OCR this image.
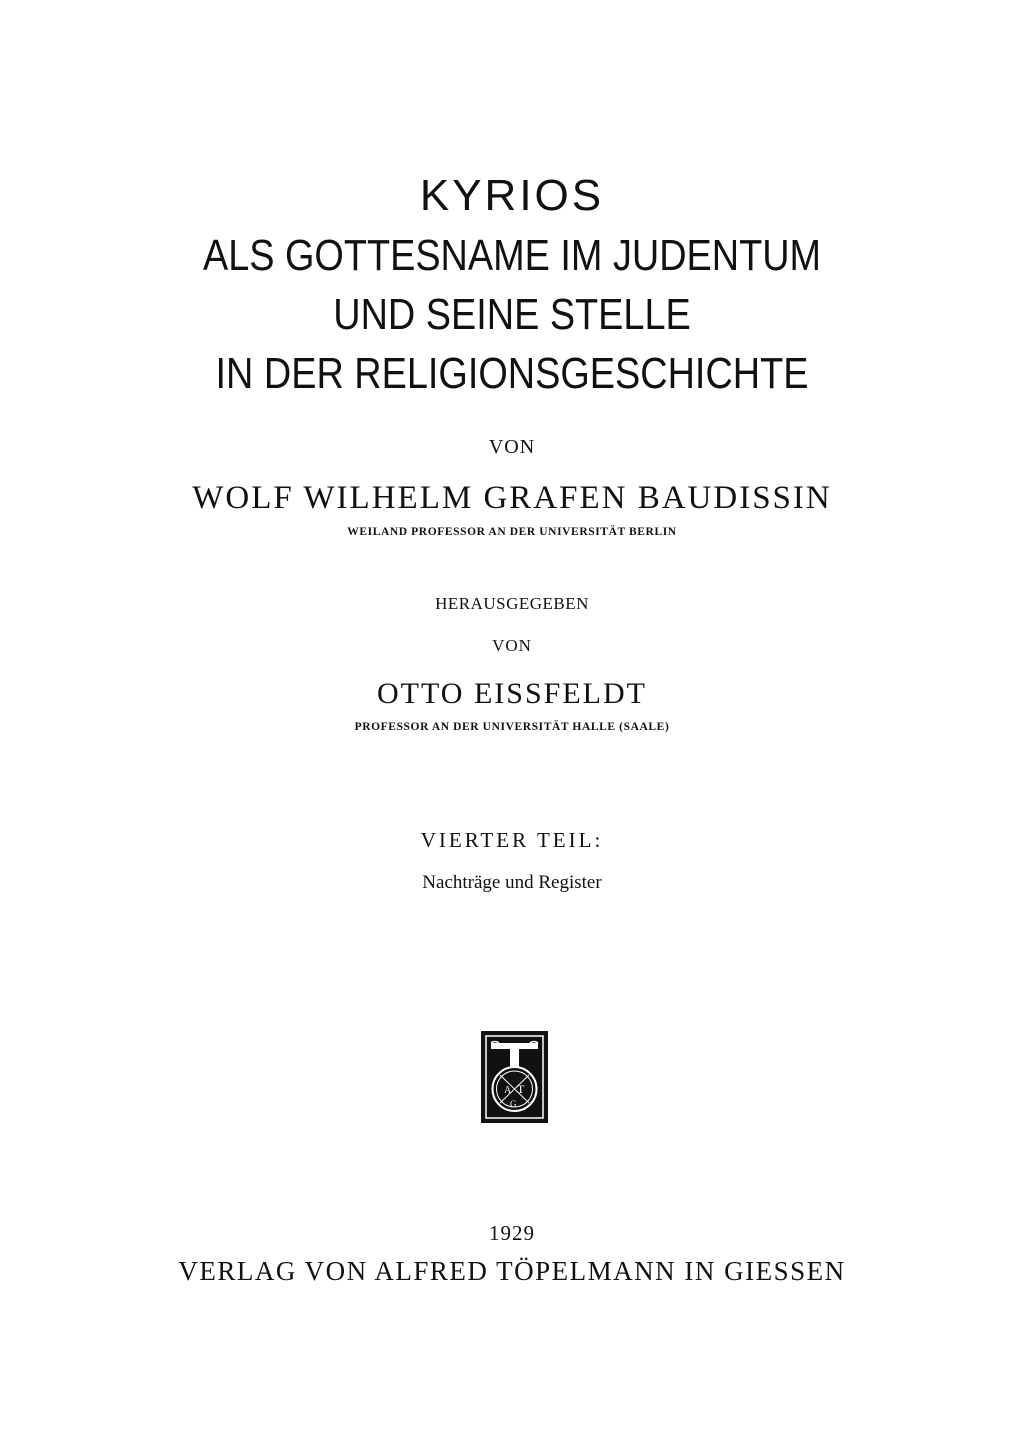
KYRIOS
ALS GOTTESNAME IM JUDENTUM
UND SEINE STELLE
IN DER RELIGIONSGESCHICHTE
VON
WOLF WILHELM GRAFEN BAUDISSIN
WEILAND PROFESSOR AN DER UNIVERSITÄT BERLIN
HERAUSGEGEBEN
VON
OTTO EISSFELDT
PROFESSOR AN DER UNIVERSITÄT HALLE (SAALE)
VIERTER TEIL:
Nachträge und Register
A T
G
1929
VERLAG VON ALFRED TÖPELMANN IN GIESSEN
